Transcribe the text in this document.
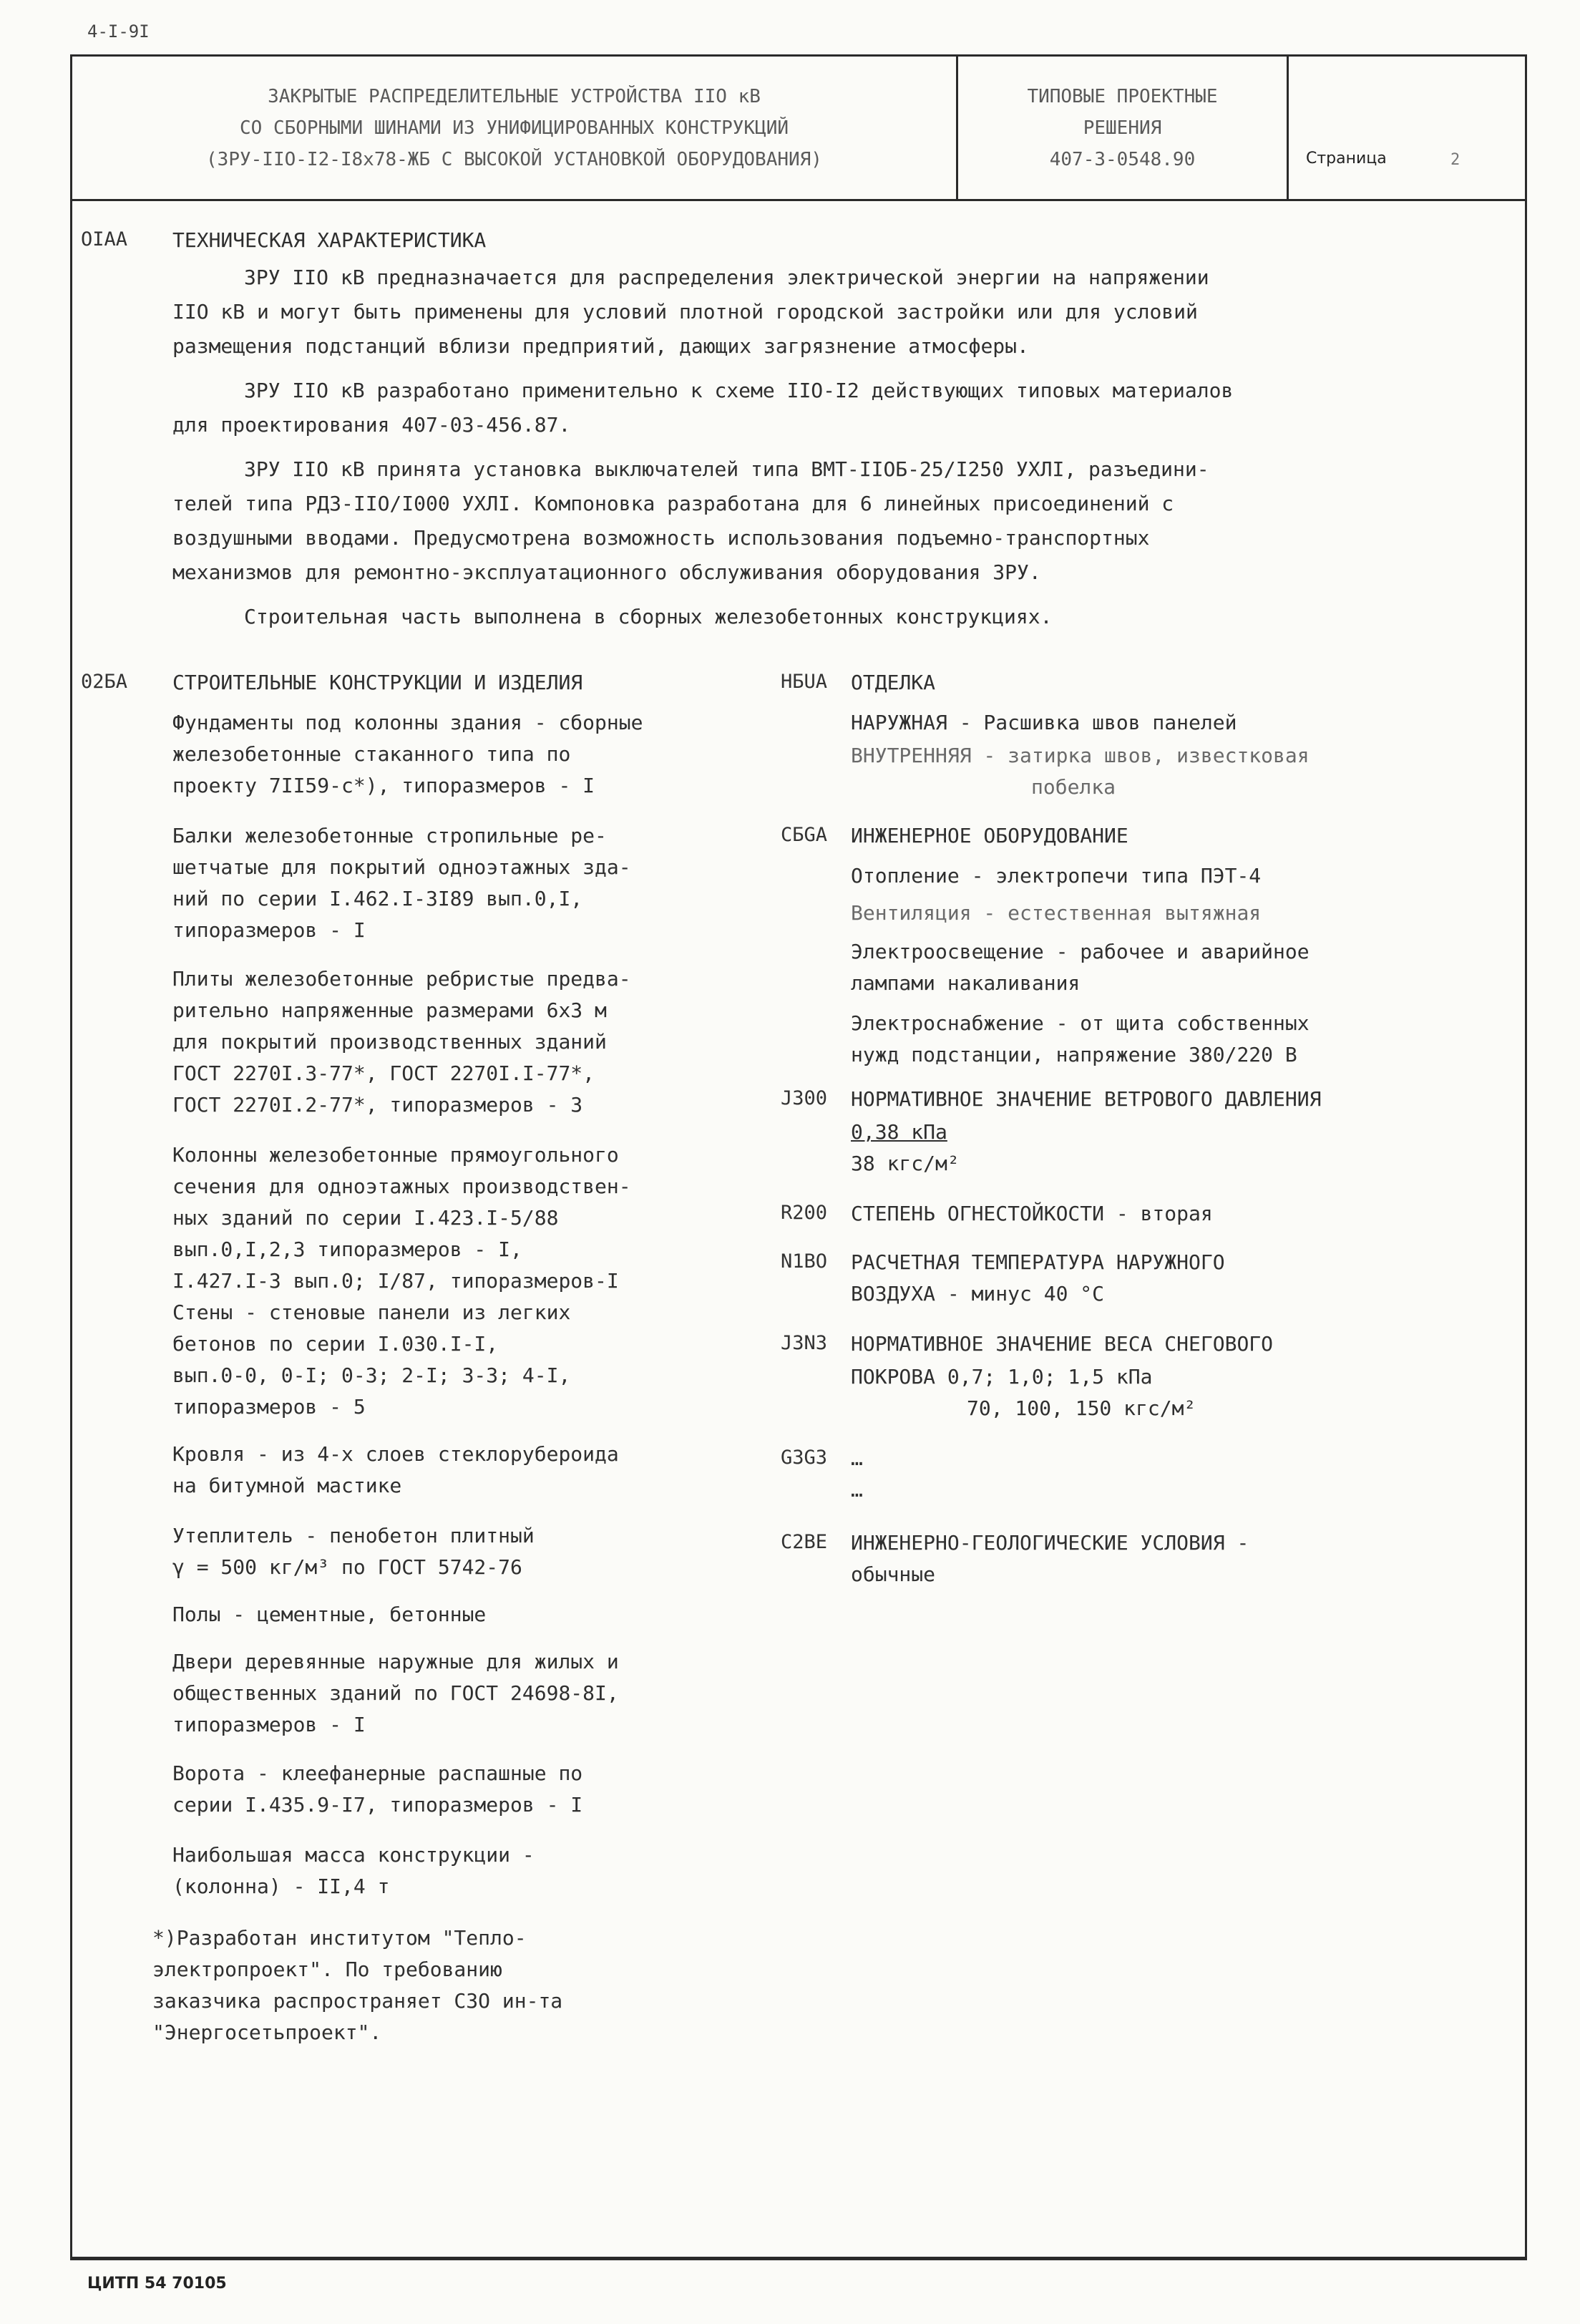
4-I-9I
ЗАКРЫТЫЕ РАСПРЕДЕЛИТЕЛЬНЫЕ УСТРОЙСТВА IIO кВ
СО СБОРНЫМИ ШИНАМИ ИЗ УНИФИЦИРОВАННЫХ КОНСТРУКЦИЙ
(ЗРУ-IIO-I2-I8x78-ЖБ С ВЫСОКОЙ УСТАНОВКОЙ ОБОРУДОВАНИЯ)
ТИПОВЫЕ ПРОЕКТНЫЕ
РЕШЕНИЯ
407-3-0548.90	Страница	2
OIAA ТЕХНИЧЕСКАЯ ХАРАКТЕРИСТИКА
ЗРУ IIO кВ предназначается для распределения электрической энергии на напряжении
IIO кВ и могут быть применены для условий плотной городской застройки или для условий
размещения подстанций вблизи предприятий, дающих загрязнение атмосферы.
ЗРУ IIO кВ разработано применительно к схеме IIO-I2 действующих типовых материалов
для проектирования 407-03-456.87.
ЗРУ IIO кВ принята установка выключателей типа ВМТ-IIOБ-25/I250 УХЛI, разъедини-
телей типа РДЗ-IIO/I000 УХЛI. Компоновка разработана для 6 линейных присоединений с
воздушными вводами. Предусмотрена возможность использования подъемно-транспортных
механизмов для ремонтно-эксплуатационного обслуживания оборудования ЗРУ.
Строительная часть выполнена в сборных железобетонных конструкциях.
02БА СТРОИТЕЛЬНЫЕ КОНСТРУКЦИИ И ИЗДЕЛИЯ
Фундаменты под колонны здания - сборные
железобетонные стаканного типа по
проекту 7II59-с*), типоразмеров - I
Балки железобетонные стропильные ре-
шетчатые для покрытий одноэтажных зда-
ний по серии I.462.I-3I89 вып.0,I,
типоразмеров - I
Плиты железобетонные ребристые предва-
рительно напряженные размерами 6х3 м
для покрытий производственных зданий
ГОСТ 2270I.3-77*, ГОСТ 2270I.I-77*,
ГОСТ 2270I.2-77*, типоразмеров - 3
Колонны железобетонные прямоугольного
сечения для одноэтажных производствен-
ных зданий по серии I.423.I-5/88
вып.0,I,2,3 типоразмеров - I,
I.427.I-3 вып.0; I/87, типоразмеров-I
Стены - стеновые панели из легких
бетонов по серии I.030.I-I,
вып.0-0, 0-I; 0-3; 2-I; 3-3; 4-I,
типоразмеров - 5
Кровля - из 4-х слоев стеклорубероида
на битумной мастике
Утеплитель - пенобетон плитный
γ = 500 кг/м³ по ГОСТ 5742-76
Полы - цементные, бетонные
Двери деревянные наружные для жилых и
общественных зданий по ГОСТ 24698-8I,
типоразмеров - I
Ворота - клеефанерные распашные по
серии I.435.9-I7, типоразмеров - I
Наибольшая масса конструкции -
(колонна) - II,4 т
*)Разработан институтом "Тепло-
электропроект". По требованию
заказчика распространяет СЗО ин-та
"Энергосетьпроект".
НБUA ОТДЕЛКА
НАРУЖНАЯ - Расшивка швов панелей
ВНУТРЕННЯЯ - затирка швов, известковая
побелка
СБGA ИНЖЕНЕРНОЕ ОБОРУДОВАНИЕ
Отопление - электропечи типа ПЭТ-4
Вентиляция - естественная вытяжная
Электроосвещение - рабочее и аварийное
лампами накаливания
Электроснабжение - от щита собственных
нужд подстанции, напряжение 380/220 В
J300 НОРМАТИВНОЕ ЗНАЧЕНИЕ ВЕТРОВОГО ДАВЛЕНИЯ
0,38 кПа
38 кгс/м²
R200 СТЕПЕНЬ ОГНЕСТОЙКОСТИ - вторая
N1BO РАСЧЕТНАЯ ТЕМПЕРАТУРА НАРУЖНОГО
ВОЗДУХА - минус 40 °С
J3N3 НОРМАТИВНОЕ ЗНАЧЕНИЕ ВЕСА СНЕГОВОГО
ПОКРОВА 0,7; 1,0; 1,5 кПа
70, 100, 150 кгс/м²
G3G3 …
…
C2BE ИНЖЕНЕРНО-ГЕОЛОГИЧЕСКИЕ УСЛОВИЯ -
обычные
ЦИТП 54 70105
